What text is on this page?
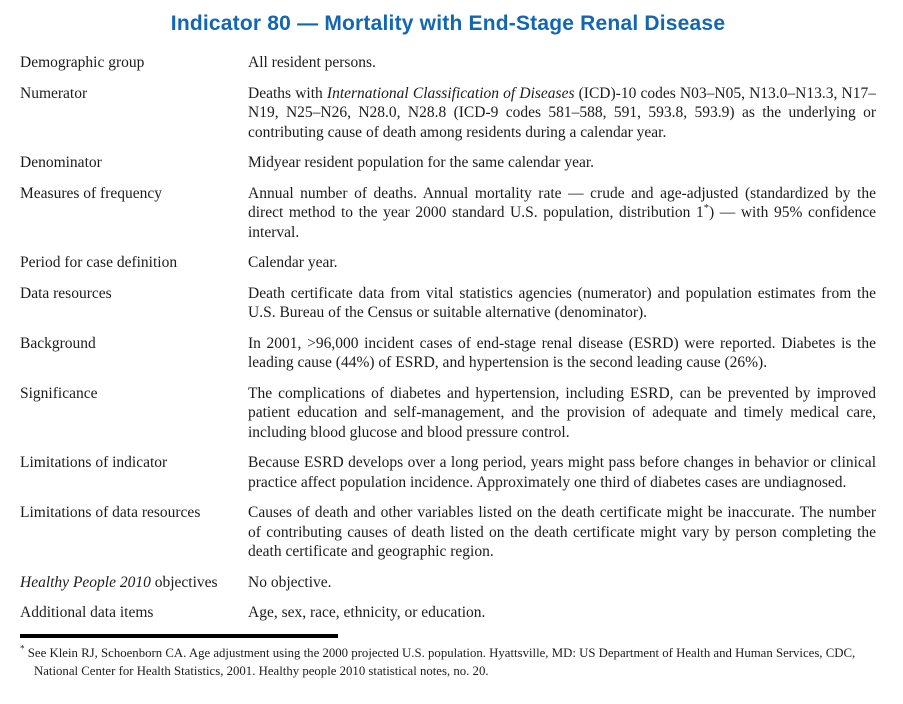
Indicator 80 — Mortality with End-Stage Renal Disease
Demographic group	All resident persons.
Numerator	Deaths with International Classification of Diseases (ICD)-10 codes N03–N05, N13.0–N13.3, N17–N19, N25–N26, N28.0, N28.8 (ICD-9 codes 581–588, 591, 593.8, 593.9) as the underlying or contributing cause of death among residents during a calendar year.
Denominator	Midyear resident population for the same calendar year.
Measures of frequency	Annual number of deaths. Annual mortality rate — crude and age-adjusted (standardized by the direct method to the year 2000 standard U.S. population, distribution 1*) — with 95% confidence interval.
Period for case definition	Calendar year.
Data resources	Death certificate data from vital statistics agencies (numerator) and population estimates from the U.S. Bureau of the Census or suitable alternative (denominator).
Background	In 2001, >96,000 incident cases of end-stage renal disease (ESRD) were reported. Diabetes is the leading cause (44%) of ESRD, and hypertension is the second leading cause (26%).
Significance	The complications of diabetes and hypertension, including ESRD, can be prevented by improved patient education and self-management, and the provision of adequate and timely medical care, including blood glucose and blood pressure control.
Limitations of indicator	Because ESRD develops over a long period, years might pass before changes in behavior or clinical practice affect population incidence. Approximately one third of diabetes cases are undiagnosed.
Limitations of data resources	Causes of death and other variables listed on the death certificate might be inaccurate. The number of contributing causes of death listed on the death certificate might vary by person completing the death certificate and geographic region.
Healthy People 2010 objectives	No objective.
Additional data items	Age, sex, race, ethnicity, or education.
* See Klein RJ, Schoenborn CA. Age adjustment using the 2000 projected U.S. population. Hyattsville, MD: US Department of Health and Human Services, CDC, National Center for Health Statistics, 2001. Healthy people 2010 statistical notes, no. 20.
